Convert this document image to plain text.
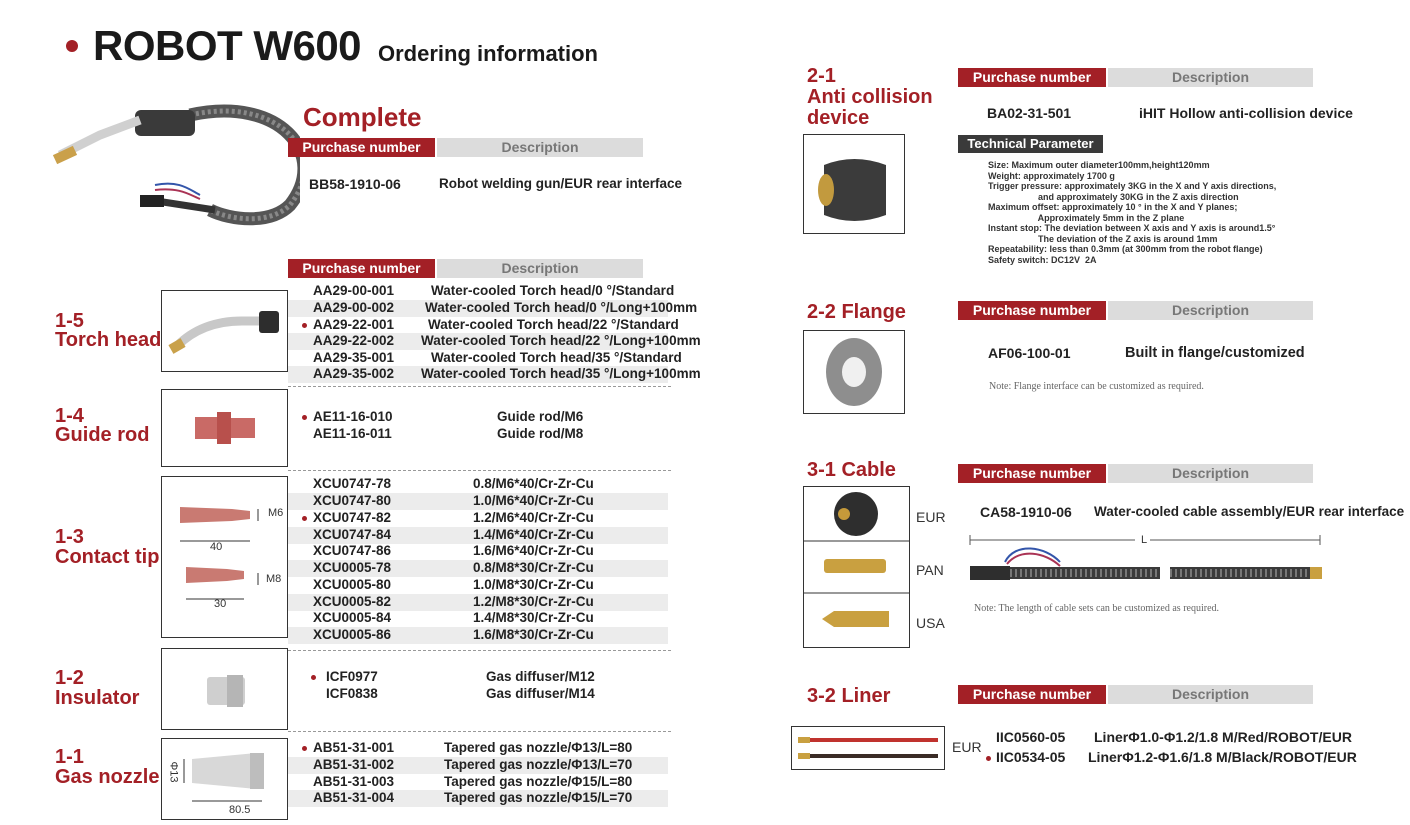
ROBOT W600 Ordering information
Complete
Purchase number	Description
BB58-1910-06	Robot welding gun/EUR rear interface
1-5
Torch head
Purchase number	Description
AA29-00-001	Water-cooled Torch head/0 °/Standard
AA29-00-002 Water-cooled Torch head/0 °/Long+100mm
AA29-22-001	Water-cooled Torch head/22 °/Standard
AA29-22-002 Water-cooled Torch head/22 °/Long+100mm
AA29-35-001	Water-cooled Torch head/35 °/Standard
AA29-35-002 Water-cooled Torch head/35 °/Long+100mm
1-4
Guide rod
AE11-16-010	Guide rod/M6
AE11-16-011	Guide rod/M8
1-3
Contact tip
M6
40
M8
30
XCU0747-78	0.8/M6*40/Cr-Zr-Cu
XCU0747-80	1.0/M6*40/Cr-Zr-Cu
XCU0747-82	1.2/M6*40/Cr-Zr-Cu
XCU0747-84	1.4/M6*40/Cr-Zr-Cu
XCU0747-86	1.6/M6*40/Cr-Zr-Cu
XCU0005-78	0.8/M8*30/Cr-Zr-Cu
XCU0005-80	1.0/M8*30/Cr-Zr-Cu
XCU0005-82	1.2/M8*30/Cr-Zr-Cu
XCU0005-84	1.4/M8*30/Cr-Zr-Cu
XCU0005-86	1.6/M8*30/Cr-Zr-Cu
1-2
Insulator
ICF0977	Gas diffuser/M12
ICF0838	Gas diffuser/M14
1-1
Gas nozzle Φ13
80.5
AB51-31-001	Tapered gas nozzle/Φ13/L=80
AB51-31-002	Tapered gas nozzle/Φ13/L=70
AB51-31-003	Tapered gas nozzle/Φ15/L=80
AB51-31-004	Tapered gas nozzle/Φ15/L=70
2-1
Anti collision
device
Purchase number	Description
BA02-31-501	iHIT Hollow anti-collision device
Technical Parameter
Size: Maximum outer diameter100mm,height120mm
Weight: approximately 1700 g
Trigger pressure: approximately 3KG in the X and Y axis directions,
and approximately 30KG in the Z axis direction
Maximum offset: approximately 10 ° in the X and Y planes;
Approximately 5mm in the Z plane
Instant stop: The deviation between X axis and Y axis is around1.5°
The deviation of the Z axis is around 1mm
Repeatability: less than 0.3mm (at 300mm from the robot flange)
Safety switch: DC12V  2A
2-2 Flange	Purchase number	Description
AF06-100-01	Built in flange/customized
Note: Flange interface can be customized as required.
3-1 Cable	Purchase number	Description
EUR
PAN
USA
CA58-1910-06 Water-cooled cable assembly/EUR rear interface
L
Note: The length of cable sets can be customized as required.
3-2 Liner	Purchase number	Description
EUR
IIC0560-05 LinerΦ1.0-Φ1.2/1.8 M/Red/ROBOT/EUR
IIC0534-05 LinerΦ1.2-Φ1.6/1.8 M/Black/ROBOT/EUR
